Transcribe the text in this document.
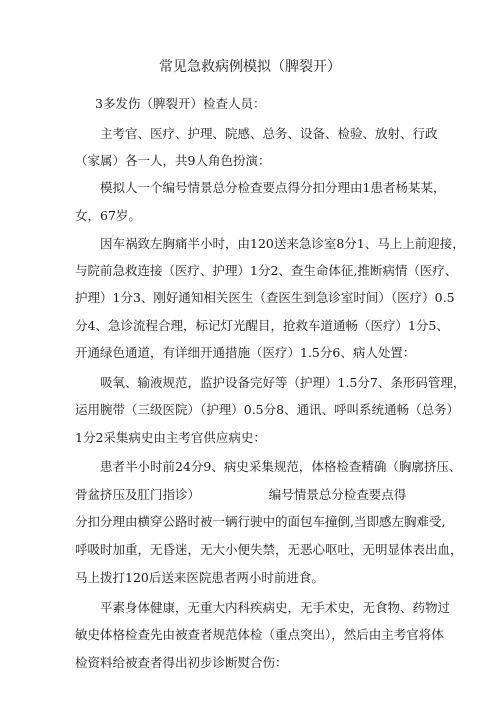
常见急救病例模拟（脾裂开）
3多发伤（脾裂开）检查人员：
主考官、医疗、护理、院感、总务、设备、检验、放射、行政
（家属）各一人，共9人角色扮演：
模拟人一个编号情景总分检查要点得分扣分理由1患者杨某某，
女，67岁。
因车祸致左胸痛半小时，由120送来急诊室8分1、马上上前迎接，
与院前急救连接（医疗、护理）1分2、查生命体征,推断病情（医疗、
护理）1分3、刚好通知相关医生（查医生到急诊室时间）（医疗）0.5
分4、急诊流程合理，标记灯光醒目，抢救车道通畅（医疗）1分5、
开通绿色通道，有详细开通措施（医疗）1.5分6、病人处置：
吸氧、输液规范，监护设备完好等（护理）1.5分7、条形码管理，
运用腕带（三级医院）（护理）0.5分8、通讯、呼叫系统通畅（总务）
1分2采集病史由主考官供应病史：
患者半小时前24分9、病史采集规范，体格检查精确（胸廓挤压、
骨盆挤压及肛门指诊）　　　　　　编号情景总分检查要点得
分扣分理由横穿公路时被一辆行驶中的面包车撞倒,当即感左胸难受,
呼吸时加重，无昏迷，无大小便失禁，无恶心呕吐，无明显体表出血，
马上拨打120后送来医院患者两小时前进食。
平素身体健康，无重大内科疾病史，无手术史，无食物、药物过
敏史体格检查先由被查者规范体检（重点突出），然后由主考官将体
检资料给被查者得出初步诊断熨合伤：
